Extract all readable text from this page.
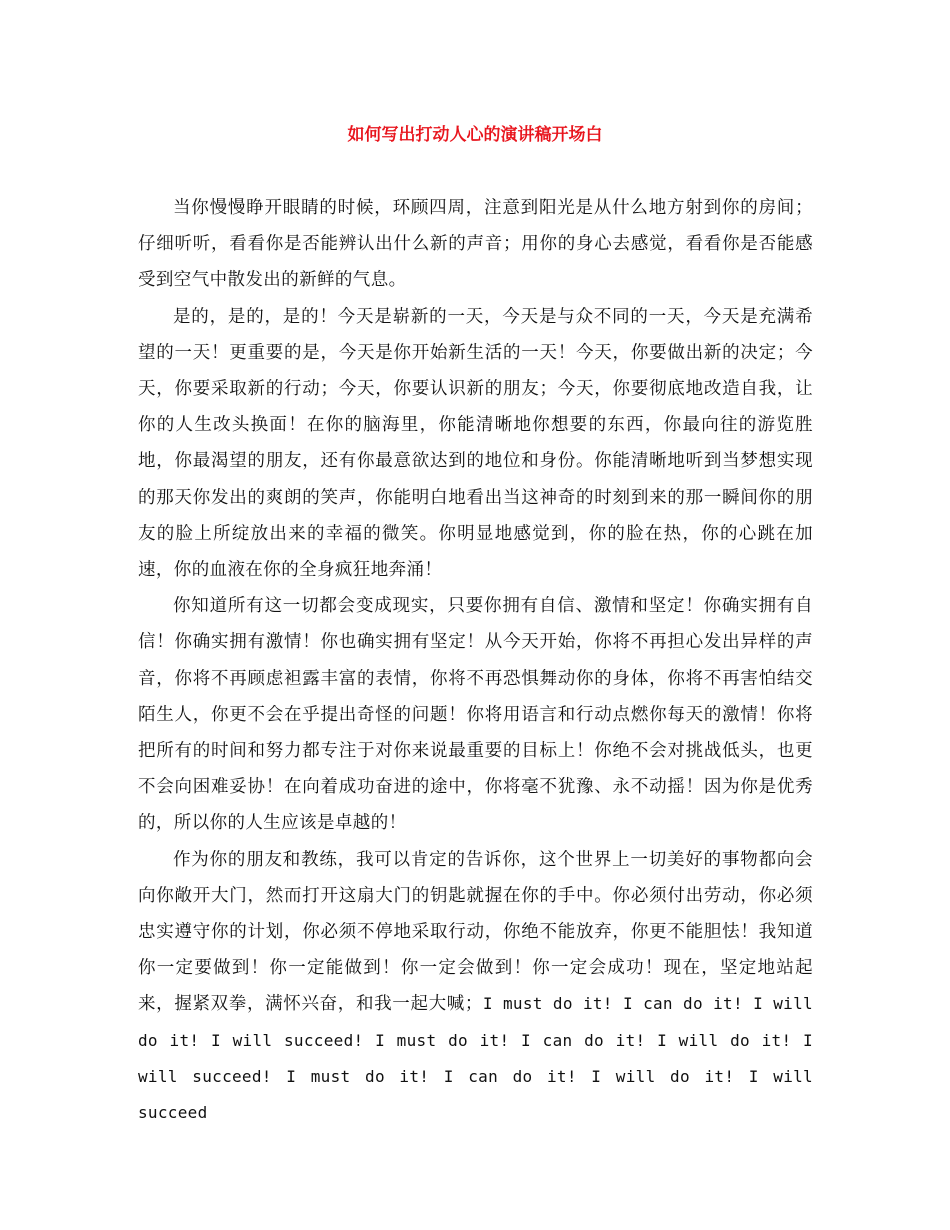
如何写出打动人心的演讲稿开场白

当你慢慢睁开眼睛的时候，环顾四周，注意到阳光是从什么地方射到你的房间；仔细听听，看看你是否能辨认出什么新的声音；用你的身心去感觉，看看你是否能感受到空气中散发出的新鲜的气息。

是的，是的，是的！今天是崭新的一天，今天是与众不同的一天，今天是充满希望的一天！更重要的是，今天是你开始新生活的一天！今天，你要做出新的决定；今天，你要采取新的行动；今天，你要认识新的朋友；今天，你要彻底地改造自我，让你的人生改头换面！在你的脑海里，你能清晰地你想要的东西，你最向往的游览胜地，你最渴望的朋友，还有你最意欲达到的地位和身份。你能清晰地听到当梦想实现的那天你发出的爽朗的笑声，你能明白地看出当这神奇的时刻到来的那一瞬间你的朋友的脸上所绽放出来的幸福的微笑。你明显地感觉到，你的脸在热，你的心跳在加速，你的血液在你的全身疯狂地奔涌！

你知道所有这一切都会变成现实，只要你拥有自信、激情和坚定！你确实拥有自信！你确实拥有激情！你也确实拥有坚定！从今天开始，你将不再担心发出异样的声音，你将不再顾虑袒露丰富的表情，你将不再恐惧舞动你的身体，你将不再害怕结交陌生人，你更不会在乎提出奇怪的问题！你将用语言和行动点燃你每天的激情！你将把所有的时间和努力都专注于对你来说最重要的目标上！你绝不会对挑战低头，也更不会向困难妥协！在向着成功奋进的途中，你将毫不犹豫、永不动摇！因为你是优秀的，所以你的人生应该是卓越的！

作为你的朋友和教练，我可以肯定的告诉你，这个世界上一切美好的事物都向会向你敞开大门，然而打开这扇大门的钥匙就握在你的手中。你必须付出劳动，你必须忠实遵守你的计划，你必须不停地采取行动，你绝不能放弃，你更不能胆怯！我知道你一定要做到！你一定能做到！你一定会做到！你一定会成功！现在，坚定地站起来，握紧双拳，满怀兴奋，和我一起大喊；I must do it! I can do it! I will do it! I will succeed! I must do it! I can do it! I will do it! I will succeed! I must do it! I can do it! I will do it! I will succeed
